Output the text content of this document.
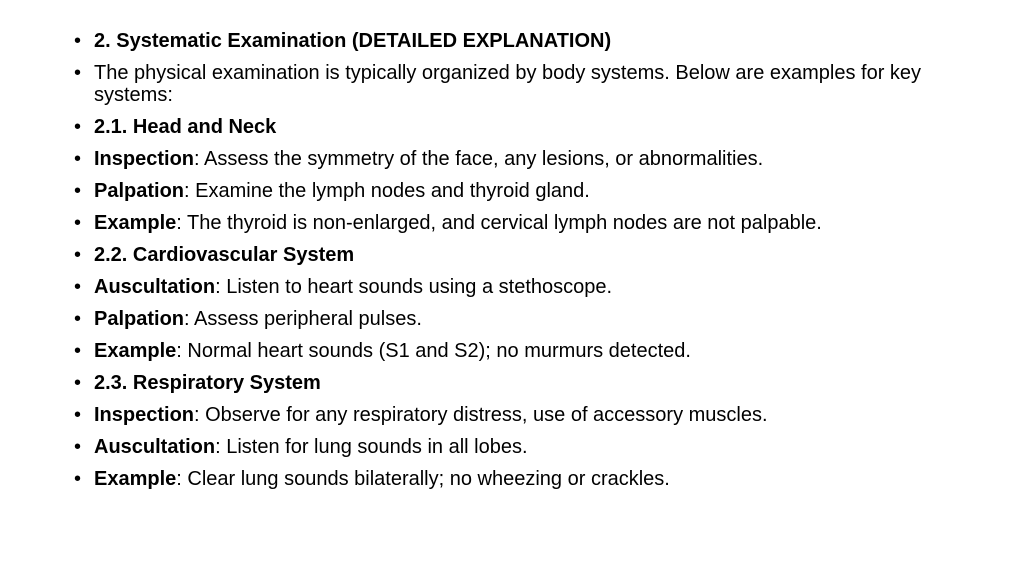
• 2. Systematic Examination (DETAILED EXPLANATION)
• The physical examination is typically organized by body systems. Below are examples for key systems:
• 2.1. Head and Neck
• Inspection: Assess the symmetry of the face, any lesions, or abnormalities.
• Palpation: Examine the lymph nodes and thyroid gland.
• Example: The thyroid is non-enlarged, and cervical lymph nodes are not palpable.
• 2.2. Cardiovascular System
• Auscultation: Listen to heart sounds using a stethoscope.
• Palpation: Assess peripheral pulses.
• Example: Normal heart sounds (S1 and S2); no murmurs detected.
• 2.3. Respiratory System
• Inspection: Observe for any respiratory distress, use of accessory muscles.
• Auscultation: Listen for lung sounds in all lobes.
• Example: Clear lung sounds bilaterally; no wheezing or crackles.
